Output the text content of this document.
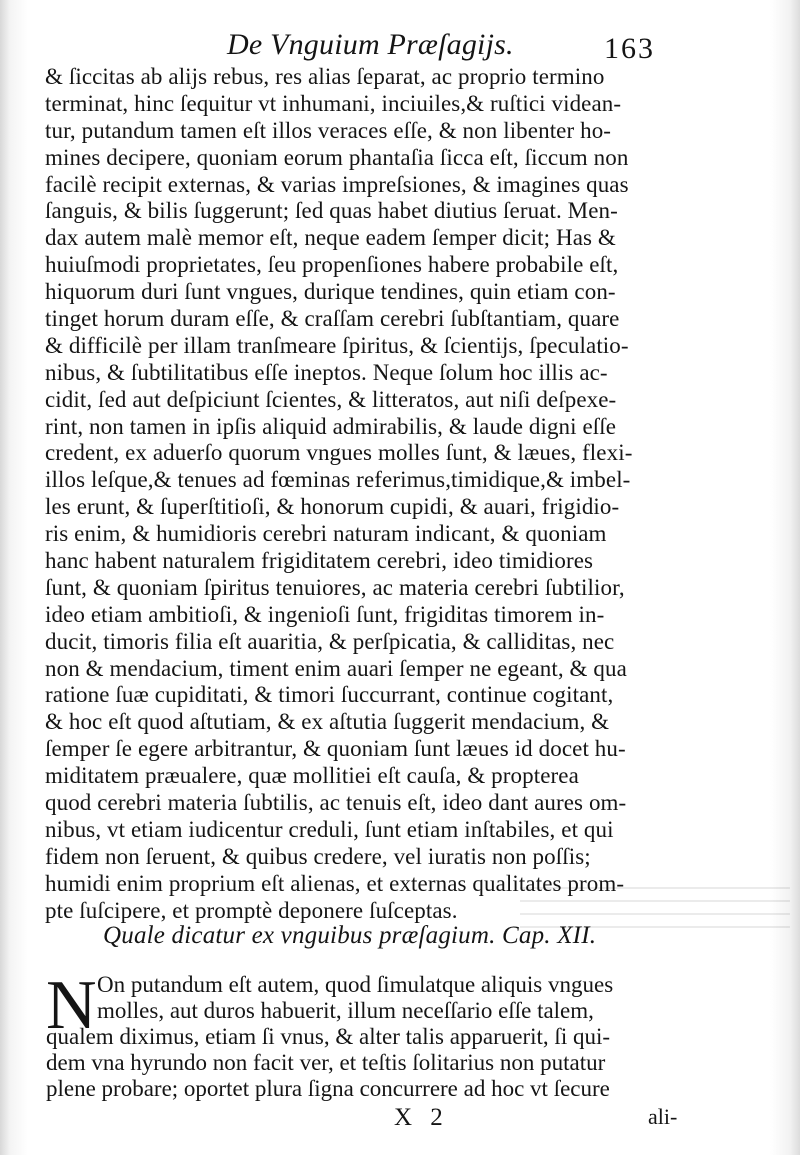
De Vnguium Præſagijs.	163
& ſiccitas ab alijs rebus, res alias ſeparat, ac proprio termino
terminat, hinc ſequitur vt inhumani, inciuiles,& ruſtici videan-
tur, putandum tamen eſt illos veraces eſſe, & non libenter ho-
mines decipere, quoniam eorum phantaſia ſicca eſt, ſiccum non
facilè recipit externas, & varias impreſsiones, & imagines quas
ſanguis, & bilis ſuggerunt; ſed quas habet diutius ſeruat. Men-
dax autem malè memor eſt, neque eadem ſemper dicit; Has &
huiuſmodi proprietates, ſeu propenſiones habere probabile eſt,
hiquorum duri ſunt vngues, durique tendines, quin etiam con-
tinget horum duram eſſe, & craſſam cerebri ſubſtantiam, quare
& difficilè per illam tranſmeare ſpiritus, & ſcientijs, ſpeculatio-
nibus, & ſubtilitatibus eſſe ineptos. Neque ſolum hoc illis ac-
cidit, ſed aut deſpiciunt ſcientes, & litteratos, aut niſi deſpexe-
rint, non tamen in ipſis aliquid admirabilis, & laude digni eſſe
credent, ex aduerſo quorum vngues molles ſunt, & læues, flexi-
illos leſque,& tenues ad fœminas referimus,timidique,& imbel-
les erunt, & ſuperſtitioſi, & honorum cupidi, & auari, frigidio-
ris enim, & humidioris cerebri naturam indicant, & quoniam
hanc habent naturalem frigiditatem cerebri, ideo timidiores
ſunt, & quoniam ſpiritus tenuiores, ac materia cerebri ſubtilior,
ideo etiam ambitioſi, & ingenioſi ſunt, frigiditas timorem in-
ducit, timoris filia eſt auaritia, & perſpicatia, & calliditas, nec
non & mendacium, timent enim auari ſemper ne egeant, & qua
ratione ſuæ cupiditati, & timori ſuccurrant, continue cogitant,
& hoc eſt quod aſtutiam, & ex aſtutia ſuggerit mendacium, &
ſemper ſe egere arbitrantur, & quoniam ſunt læues id docet hu-
miditatem præualere, quæ mollitiei eſt cauſa, & propterea
quod cerebri materia ſubtilis, ac tenuis eſt, ideo dant aures om-
nibus, vt etiam iudicentur creduli, ſunt etiam inſtabiles, et qui
fidem non ſeruent, & quibus credere, vel iuratis non poſſis;
humidi enim proprium eſt alienas, et externas qualitates prom-
pte ſuſcipere, et promptè deponere ſuſceptas.
Quale dicatur ex vnguibus præſagium. Cap. XII.
N On putandum eſt autem, quod ſimulatque aliquis vngues
molles, aut duros habuerit, illum neceſſario eſſe talem,
qualem diximus, etiam ſi vnus, & alter talis apparuerit, ſi qui-
dem vna hyrundo non facit ver, et teſtis ſolitarius non putatur
plene probare; oportet plura ſigna concurrere ad hoc vt ſecure
X 2	ali-
